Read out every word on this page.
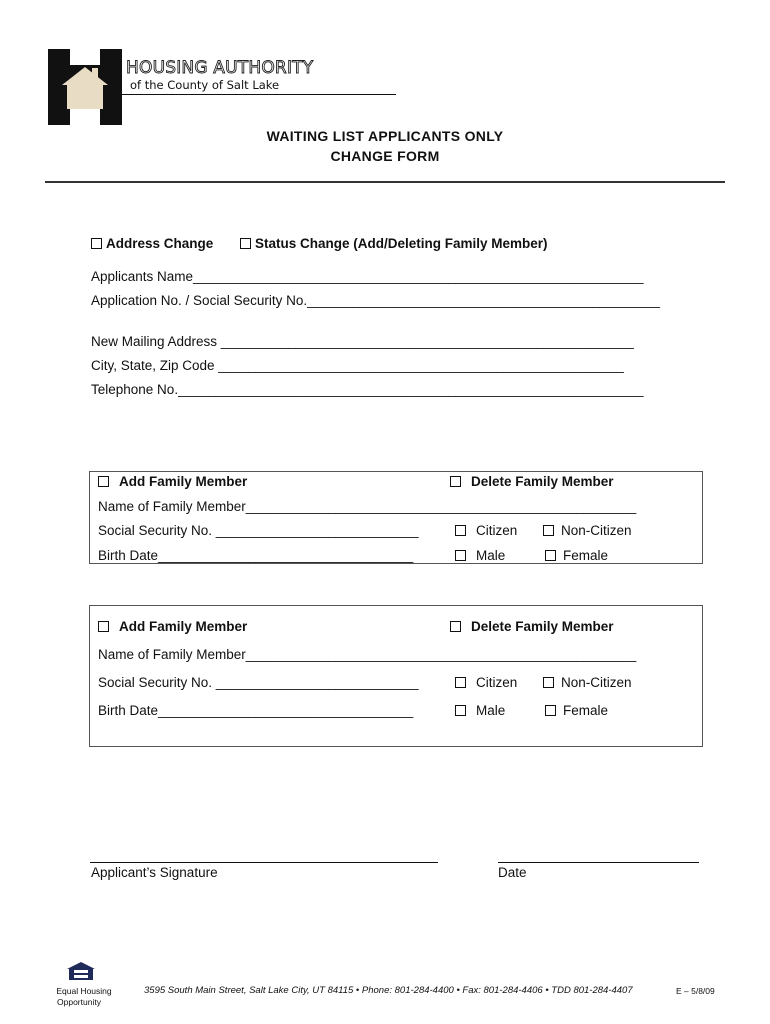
HOUSING AUTHORITY
of the County of Salt Lake
WAITING LIST APPLICANTS ONLY
CHANGE FORM
Address Change	Status Change (Add/Deleting Family Member)
Applicants Name____________________________________________________________
Application No. / Social Security No._______________________________________________
New Mailing Address _______________________________________________________
City, State, Zip Code ______________________________________________________
Telephone No.______________________________________________________________
Add Family Member	Delete Family Member
Name of Family Member____________________________________________________
Social Security No. ___________________________	Citizen	Non-Citizen
Birth Date__________________________________	Male	Female
Add Family Member	Delete Family Member
Name of Family Member____________________________________________________
Social Security No. ___________________________	Citizen	Non-Citizen
Birth Date__________________________________	Male	Female
Applicant’s Signature	Date
Equal Housing
Opportunity
3595 South Main Street, Salt Lake City, UT 84115 • Phone: 801-284-4400 • Fax: 801-284-4406 • TDD 801-284-4407	E – 5/8/09
